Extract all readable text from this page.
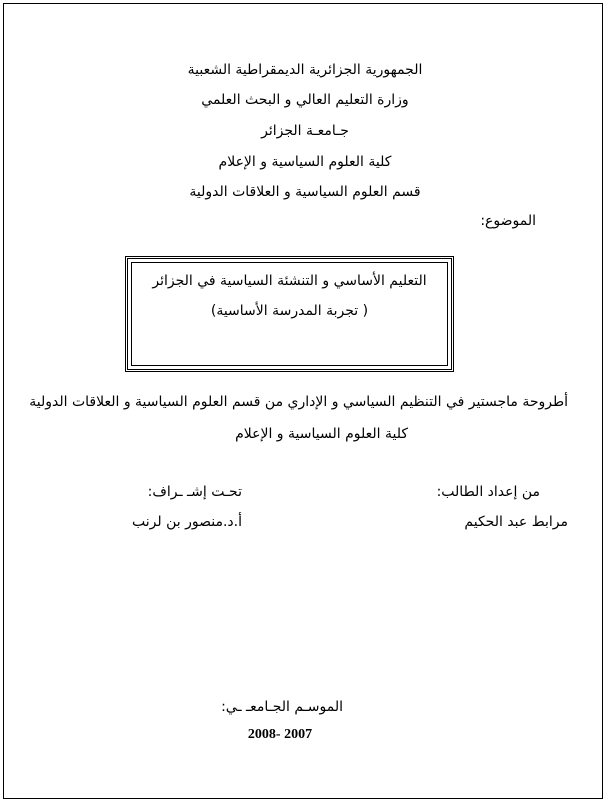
الجمهورية الجزائرية الديمقراطية الشعبية
وزارة التعليم العالي و البحث العلمي
جـامعـة الجزائر
كلية العلوم السياسية و الإعلام
قسم العلوم السياسية و العلاقات الدولية
الموضوع:
التعليم الأساسي و التنشئة السياسية في الجزائر
( تجربة المدرسة الأساسية)
أطروحة ماجستير في التنظيم السياسي و الإداري من قسم العلوم السياسية و العلاقات الدولية
كلية العلوم السياسية و الإعلام
من إعداد الطالب:
تحـت إشـ ـراف:
مرابط عبد الحكيم
أ.د.منصور بن لرنب
الموسـم الجـامعـ ـي:
2008- 2007
